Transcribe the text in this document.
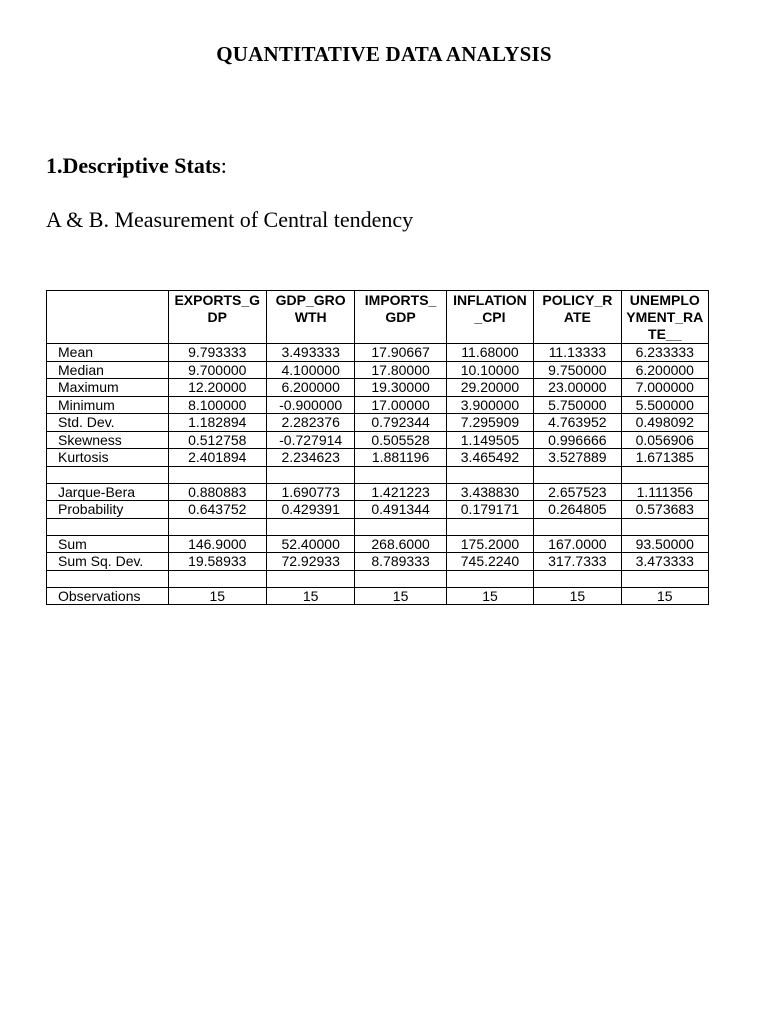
QUANTITATIVE DATA ANALYSIS
1.Descriptive Stats:
A & B. Measurement of Central tendency
	EXPORTS_GDP	GDP_GROWTH	IMPORTS_GDP	INFLATION_CPI	POLICY_RATE	UNEMPLOYMENT_RATE__
Mean	9.793333	3.493333	17.90667	11.68000	11.13333	6.233333
Median	9.700000	4.100000	17.80000	10.10000	9.750000	6.200000
Maximum	12.20000	6.200000	19.30000	29.20000	23.00000	7.000000
Minimum	8.100000	-0.900000	17.00000	3.900000	5.750000	5.500000
Std. Dev.	1.182894	2.282376	0.792344	7.295909	4.763952	0.498092
Skewness	0.512758	-0.727914	0.505528	1.149505	0.996666	0.056906
Kurtosis	2.401894	2.234623	1.881196	3.465492	3.527889	1.671385

Jarque-Bera	0.880883	1.690773	1.421223	3.438830	2.657523	1.111356
Probability	0.643752	0.429391	0.491344	0.179171	0.264805	0.573683

Sum	146.9000	52.40000	268.6000	175.2000	167.0000	93.50000
Sum Sq. Dev.	19.58933	72.92933	8.789333	745.2240	317.7333	3.473333

Observations	15	15	15	15	15	15
